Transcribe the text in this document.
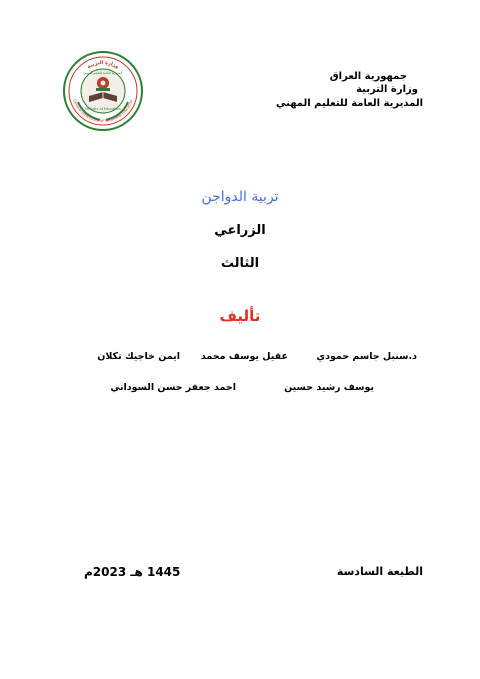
وزارة التربية
General Directorate of Vocational Education
Ministry of Education
المديرية العامة للتعليم المهني	جمهورية العراق
وزارة التربية
المديرية العامة للتعليم المهني
تربية الدواجن
الزراعي
الثالث
تأليف
د.سنبل جاسم حمودي
عقيل يوسف محمد
ايمن خاجيك تكلان
يوسف رشيد حسين
احمد جعفر حسن السوداني
الطبعة السادسة
1445 هـ 2023م
